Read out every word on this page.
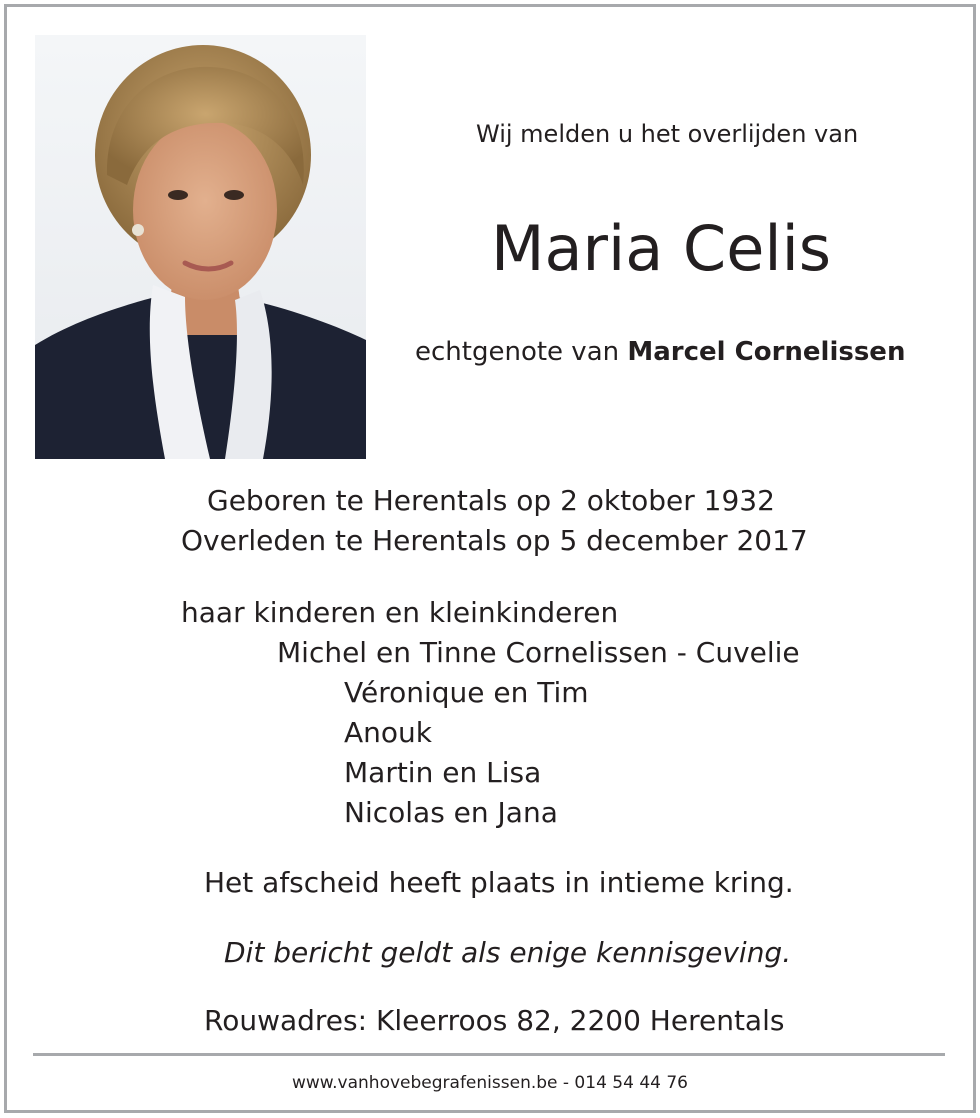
Wij melden u het overlijden van

Maria Celis

echtgenote van Marcel Cornelissen

Geboren te Herentals op 2 oktober 1932

Overleden te Herentals op 5 december 2017

haar kinderen en kleinkinderen

Michel en Tinne Cornelissen - Cuvelie

Véronique en Tim

Anouk

Martin en Lisa

Nicolas en Jana

Het afscheid heeft plaats in intieme kring.

Dit bericht geldt als enige kennisgeving.

Rouwadres: Kleerroos 82, 2200 Herentals

www.vanhovebegrafenissen.be - 014 54 44 76
